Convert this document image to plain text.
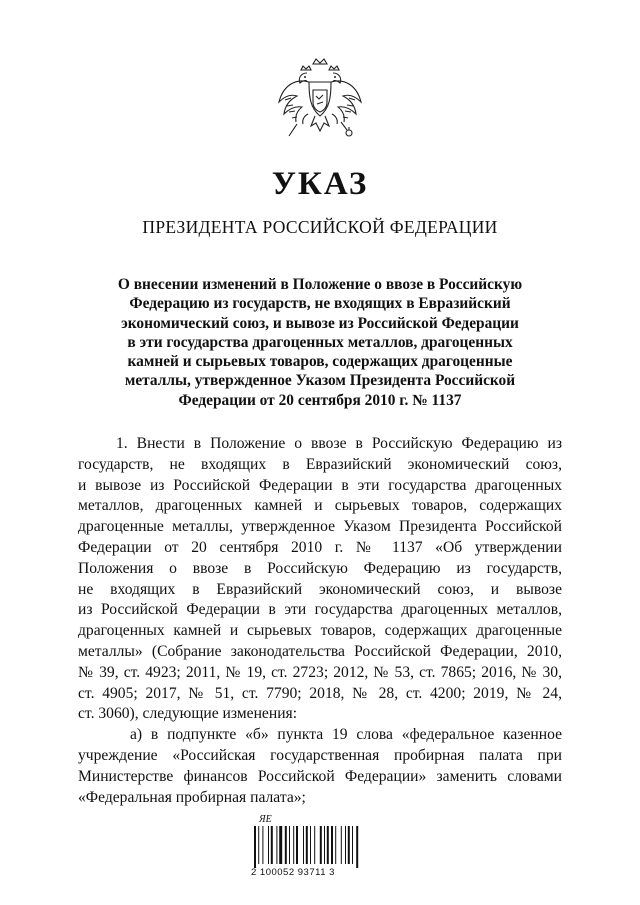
УКАЗ
ПРЕЗИДЕНТА РОССИЙСКОЙ ФЕДЕРАЦИИ
О внесении изменений в Положение о ввозе в Российскую
Федерацию из государств, не входящих в Евразийский
экономический союз, и вывозе из Российской Федерации
в эти государства драгоценных металлов, драгоценных
камней и сырьевых товаров, содержащих драгоценные
металлы, утвержденное Указом Президента Российской
Федерации от 20 сентября 2010 г. № 1137
1. Внести в Положение о ввозе в Российскую Федерацию из
государств, не входящих в Евразийский экономический союз,
и вывозе из Российской Федерации в эти государства драгоценных
металлов, драгоценных камней и сырьевых товаров, содержащих
драгоценные металлы, утвержденное Указом Президента Российской
Федерации от 20 сентября 2010 г. № 1137 «Об утверждении
Положения о ввозе в Российскую Федерацию из государств,
не входящих в Евразийский экономический союз, и вывозе
из Российской Федерации в эти государства драгоценных металлов,
драгоценных камней и сырьевых товаров, содержащих драгоценные
металлы» (Собрание законодательства Российской Федерации, 2010,
№ 39, ст. 4923; 2011, № 19, ст. 2723; 2012, № 53, ст. 7865; 2016, № 30,
ст. 4905; 2017, № 51, ст. 7790; 2018, № 28, ст. 4200; 2019, № 24,
ст. 3060), следующие изменения:
а) в подпункте «б» пункта 19 слова «федеральное казенное
учреждение «Российская государственная пробирная палата при
Министерстве финансов Российской Федерации» заменить словами
«Федеральная пробирная палата»;
ЯЕ
2 100052 93711 3
